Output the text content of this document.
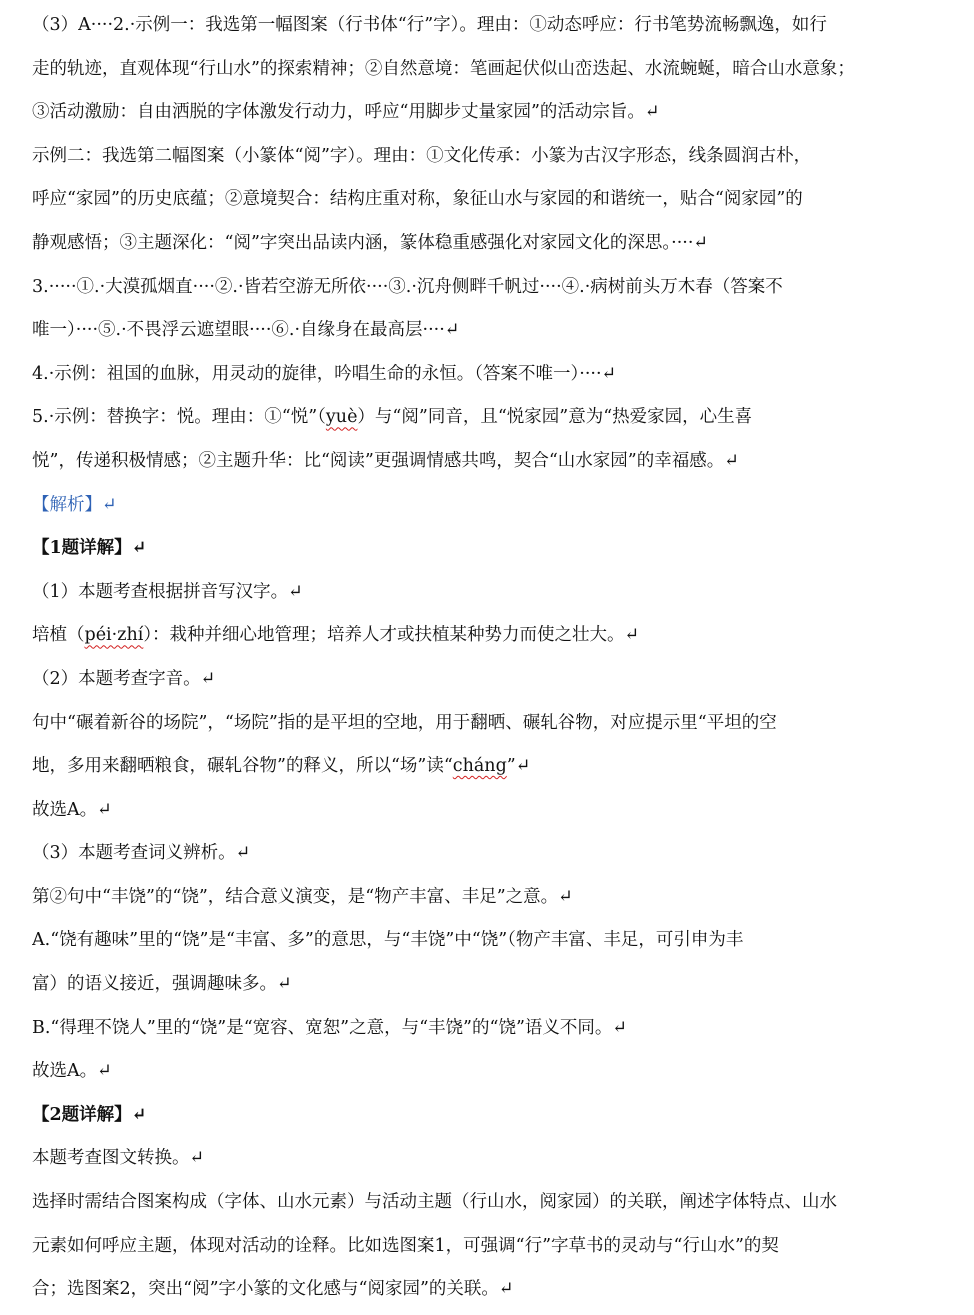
（3）A····2.·示例一：我选第一幅图案（行书体“行”字）。理由：①动态呼应：行书笔势流畅飘逸，如行
走的轨迹，直观体现“行山水”的探索精神；②自然意境：笔画起伏似山峦迭起、水流蜿蜒，暗合山水意象；
③活动激励：自由洒脱的字体激发行动力，呼应“用脚步丈量家园”的活动宗旨。↵
示例二：我选第二幅图案（小篆体“阅”字）。理由：①文化传承：小篆为古汉字形态，线条圆润古朴，
呼应“家园”的历史底蕴；②意境契合：结构庄重对称，象征山水与家园的和谐统一，贴合“阅家园”的
静观感悟；③主题深化：“阅”字突出品读内涵，篆体稳重感强化对家园文化的深思。····↵
3.·····①.·大漠孤烟直····②.·皆若空游无所依····③.·沉舟侧畔千帆过····④.·病树前头万木春（答案不
唯一）····⑤.·不畏浮云遮望眼····⑥.·自缘身在最高层····↵
4.·示例：祖国的血脉，用灵动的旋律，吟唱生命的永恒。（答案不唯一）····↵
5.·示例：替换字：悦。理由：①“悦”（yuè）与“阅”同音，且“悦家园”意为“热爱家园，心生喜
悦”，传递积极情感；②主题升华：比“阅读”更强调情感共鸣，契合“山水家园”的幸福感。↵
【解析】↵
【1题详解】↵
（1）本题考查根据拼音写汉字。↵
培植（péi·zhí）：栽种并细心地管理；培养人才或扶植某种势力而使之壮大。↵
（2）本题考查字音。↵
句中“碾着新谷的场院”，“场院”指的是平坦的空地，用于翻晒、碾轧谷物，对应提示里“平坦的空
地，多用来翻晒粮食，碾轧谷物”的释义，所以“场”读“cháng”↵
故选A。↵
（3）本题考查词义辨析。↵
第②句中“丰饶”的“饶”，结合意义演变，是“物产丰富、丰足”之意。↵
A.“饶有趣味”里的“饶”是“丰富、多”的意思，与“丰饶”中“饶”（物产丰富、丰足，可引申为丰
富）的语义接近，强调趣味多。↵
B.“得理不饶人”里的“饶”是“宽容、宽恕”之意，与“丰饶”的“饶”语义不同。↵
故选A。↵
【2题详解】↵
本题考查图文转换。↵
选择时需结合图案构成（字体、山水元素）与活动主题（行山水，阅家园）的关联，阐述字体特点、山水
元素如何呼应主题，体现对活动的诠释。比如选图案1，可强调“行”字草书的灵动与“行山水”的契
合；选图案2，突出“阅”字小篆的文化感与“阅家园”的关联。↵
